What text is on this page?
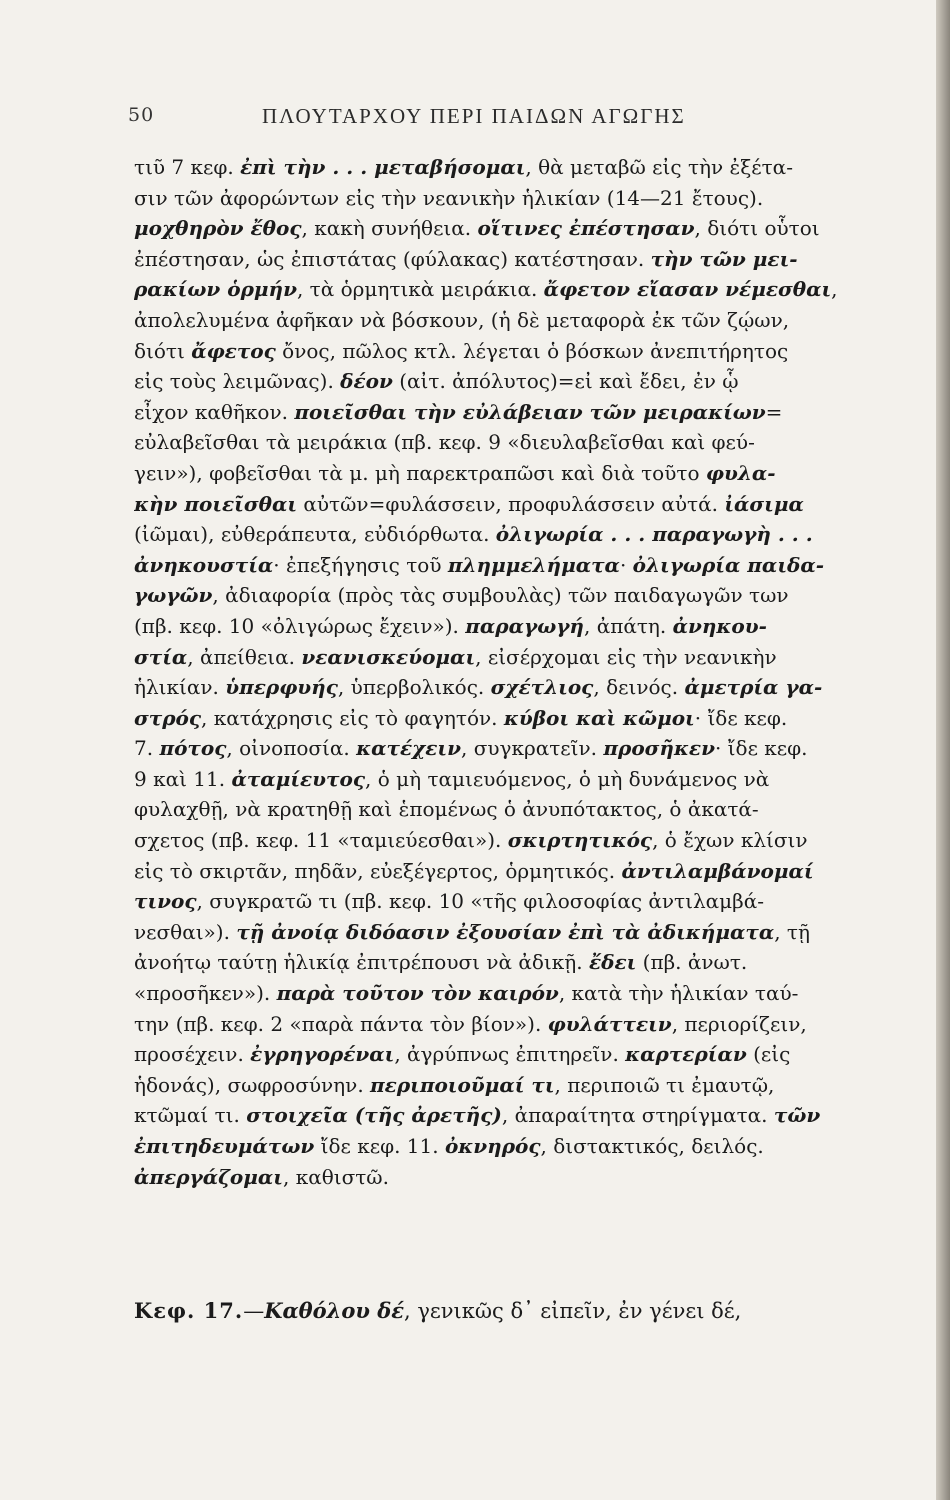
50	ΠΛΟΥΤΑΡΧΟΥ ΠΕΡΙ ΠΑΙΔΩΝ ΑΓΩΓΗΣ
τιῦ 7 κεφ. ἐπὶ τὴν . . . μεταβήσομαι, θὰ μεταβῶ εἰς τὴν ἐξέτα-
σιν τῶν ἀφορώντων εἰς τὴν νεανικὴν ἡλικίαν (14—21 ἔτους).
μοχθηρὸν ἔθος, κακὴ συνήθεια. οἵτινες ἐπέστησαν, διότι οὗτοι
ἐπέστησαν, ὡς ἐπιστάτας (φύλακας) κατέστησαν. τὴν τῶν μει-
ρακίων ὁρμήν, τὰ ὁρμητικὰ μειράκια. ἄφετον εἴασαν νέμεσθαι,
ἀπολελυμένα ἀφῆκαν νὰ βόσκουν, (ἡ δὲ μεταφορὰ ἐκ τῶν ζῴων,
διότι ἄφετος ὄνος, πῶλος κτλ. λέγεται ὁ βόσκων ἀνεπιτήρητος
εἰς τοὺς λειμῶνας). δέον (αἰτ. ἀπόλυτος)=εἰ καὶ ἔδει, ἐν ᾧ
εἶχον καθῆκον. ποιεῖσθαι τὴν εὐλάβειαν τῶν μειρακίων=
εὐλαβεῖσθαι τὰ μειράκια (πβ. κεφ. 9 «διευλαβεῖσθαι καὶ φεύ-
γειν»), φοβεῖσθαι τὰ μ. μὴ παρεκτραπῶσι καὶ διὰ τοῦτο φυλα-
κὴν ποιεῖσθαι αὐτῶν=φυλάσσειν, προφυλάσσειν αὐτά. ἰάσιμα
(ἰῶμαι), εὐθεράπευτα, εὐδιόρθωτα. ὀλιγωρία . . . παραγωγὴ . . .
ἀνηκουστία· ἐπεξήγησις τοῦ πλημμελήματα· ὀλιγωρία παιδα-
γωγῶν, ἀδιαφορία (πρὸς τὰς συμβουλὰς) τῶν παιδαγωγῶν των
(πβ. κεφ. 10 «ὀλιγώρως ἔχειν»). παραγωγή, ἀπάτη. ἀνηκου-
στία, ἀπείθεια. νεανισκεύομαι, εἰσέρχομαι εἰς τὴν νεανικὴν
ἡλικίαν. ὑπερφυής, ὑπερβολικός. σχέτλιος, δεινός. ἀμετρία γα-
στρός, κατάχρησις εἰς τὸ φαγητόν. κύβοι καὶ κῶμοι· ἴδε κεφ.
7. πότος, οἰνοποσία. κατέχειν, συγκρατεῖν. προσῆκεν· ἴδε κεφ.
9 καὶ 11. ἀταμίευτος, ὁ μὴ ταμιευόμενος, ὁ μὴ δυνάμενος νὰ
φυλαχθῇ, νὰ κρατηθῇ καὶ ἑπομένως ὁ ἀνυπότακτος, ὁ ἀκατά-
σχετος (πβ. κεφ. 11 «ταμιεύεσθαι»). σκιρτητικός, ὁ ἔχων κλίσιν
εἰς τὸ σκιρτᾶν, πηδᾶν, εὐεξέγερτος, ὁρμητικός. ἀντιλαμβάνομαί
τινος, συγκρατῶ τι (πβ. κεφ. 10 «τῆς φιλοσοφίας ἀντιλαμβά-
νεσθαι»). τῇ ἀνοίᾳ διδόασιν ἐξουσίαν ἐπὶ τὰ ἀδικήματα, τῇ
ἀνοήτῳ ταύτῃ ἡλικίᾳ ἐπιτρέπουσι νὰ ἀδικῇ. ἔδει (πβ. ἀνωτ.
«προσῆκεν»). παρὰ τοῦτον τὸν καιρόν, κατὰ τὴν ἡλικίαν ταύ-
την (πβ. κεφ. 2 «παρὰ πάντα τὸν βίον»). φυλάττειν, περιορίζειν,
προσέχειν. ἐγρηγορέναι, ἀγρύπνως ἐπιτηρεῖν. καρτερίαν (εἰς
ἡδονάς), σωφροσύνην. περιποιοῦμαί τι, περιποιῶ τι ἐμαυτῷ,
κτῶμαί τι. στοιχεῖα (τῆς ἀρετῆς), ἀπαραίτητα στηρίγματα. τῶν
ἐπιτηδευμάτων ἴδε κεφ. 11. ὀκνηρός, διστακτικός, δειλός.
ἀπεργάζομαι, καθιστῶ.
Κεφ. 17.—Καθόλου δέ, γενικῶς δ᾽ εἰπεῖν, ἐν γένει δέ,
